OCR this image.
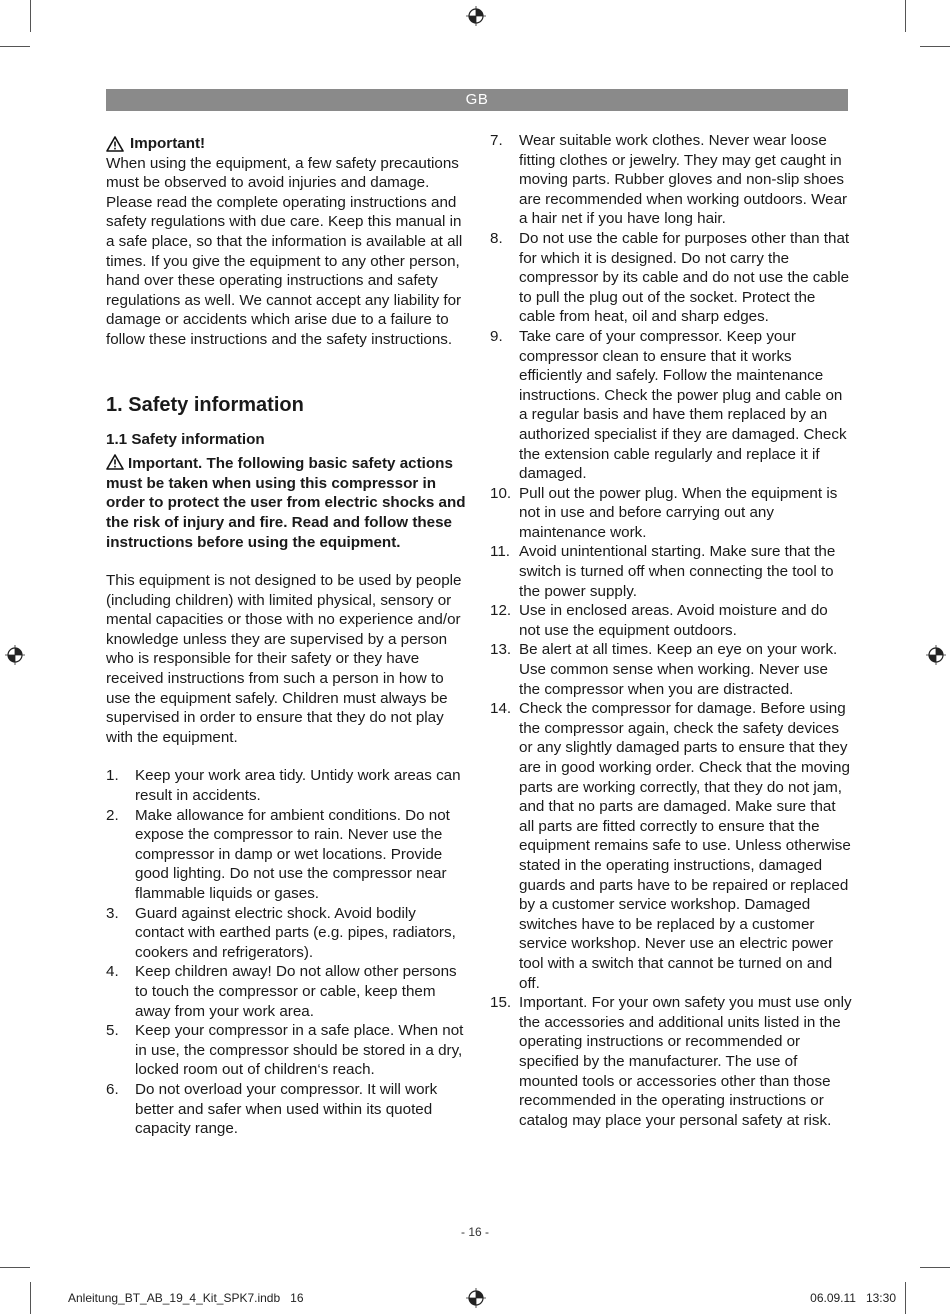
GB

Important!

When using the equipment, a few safety precautions must be observed to avoid injuries and damage. Please read the complete operating instructions and safety regulations with due care. Keep this manual in a safe place, so that the information is available at all times. If you give the equipment to any other person, hand over these operating instructions and safety regulations as well. We cannot accept any liability for damage or accidents which arise due to a failure to follow these instructions and the safety instructions.

1. Safety information

1.1 Safety information

Important. The following basic safety actions must be taken when using this compressor in order to protect the user from electric shocks and the risk of injury and fire. Read and follow these instructions before using the equipment.

This equipment is not designed to be used by people (including children) with limited physical, sensory or mental capacities or those with no experience and/or knowledge unless they are supervised by a person who is responsible for their safety or they have received instructions from such a person in how to use the equipment safely. Children must always be supervised in order to ensure that they do not play with the equipment.

1.	Keep your work area tidy. Untidy work areas can result in accidents.
2.	Make allowance for ambient conditions. Do not expose the compressor to rain. Never use the compressor in damp or wet locations. Provide good lighting. Do not use the compressor near flammable liquids or gases.
3.	Guard against electric shock. Avoid bodily contact with earthed parts (e.g. pipes, radiators, cookers and refrigerators).
4.	Keep children away! Do not allow other persons to touch the compressor or cable, keep them away from your work area.
5.	Keep your compressor in a safe place. When not in use, the compressor should be stored in a dry, locked room out of children‘s reach.
6.	Do not overload your compressor. It will work better and safer when used within its quoted capacity range.
7.	Wear suitable work clothes. Never wear loose fitting clothes or jewelry. They may get caught in moving parts. Rubber gloves and non-slip shoes are recommended when working outdoors. Wear a hair net if you have long hair.
8.	Do not use the cable for purposes other than that for which it is designed. Do not carry the compressor by its cable and do not use the cable to pull the plug out of the socket. Protect the cable from heat, oil and sharp edges.
9.	Take care of your compressor. Keep your compressor clean to ensure that it works efficiently and safely. Follow the maintenance instructions. Check the power plug and cable on a regular basis and have them replaced by an authorized specialist if they are damaged. Check the extension cable regularly and replace it if damaged.
10. Pull out the power plug. When the equipment is not in use and before carrying out any maintenance work.
11. Avoid unintentional starting. Make sure that the switch is turned off when connecting the tool to the power supply.
12. Use in enclosed areas. Avoid moisture and do not use the equipment outdoors.
13. Be alert at all times. Keep an eye on your work. Use common sense when working. Never use the compressor when you are distracted.
14. Check the compressor for damage. Before using the compressor again, check the safety devices or any slightly damaged parts to ensure that they are in good working order. Check that the moving parts are working correctly, that they do not jam, and that no parts are damaged. Make sure that all parts are fitted correctly to ensure that the equipment remains safe to use. Unless otherwise stated in the operating instructions, damaged guards and parts have to be repaired or replaced by a customer service workshop. Damaged switches have to be replaced by a customer service workshop. Never use an electric power tool with a switch that cannot be turned on and off.
15. Important. For your own safety you must use only the accessories and additional units listed in the operating instructions or recommended or specified by the manufacturer. The use of mounted tools or accessories other than those recommended in the operating instructions or catalog may place your personal safety at risk.
- 16 -
Anleitung_BT_AB_19_4_Kit_SPK7.indb   16	06.09.11   13:30
